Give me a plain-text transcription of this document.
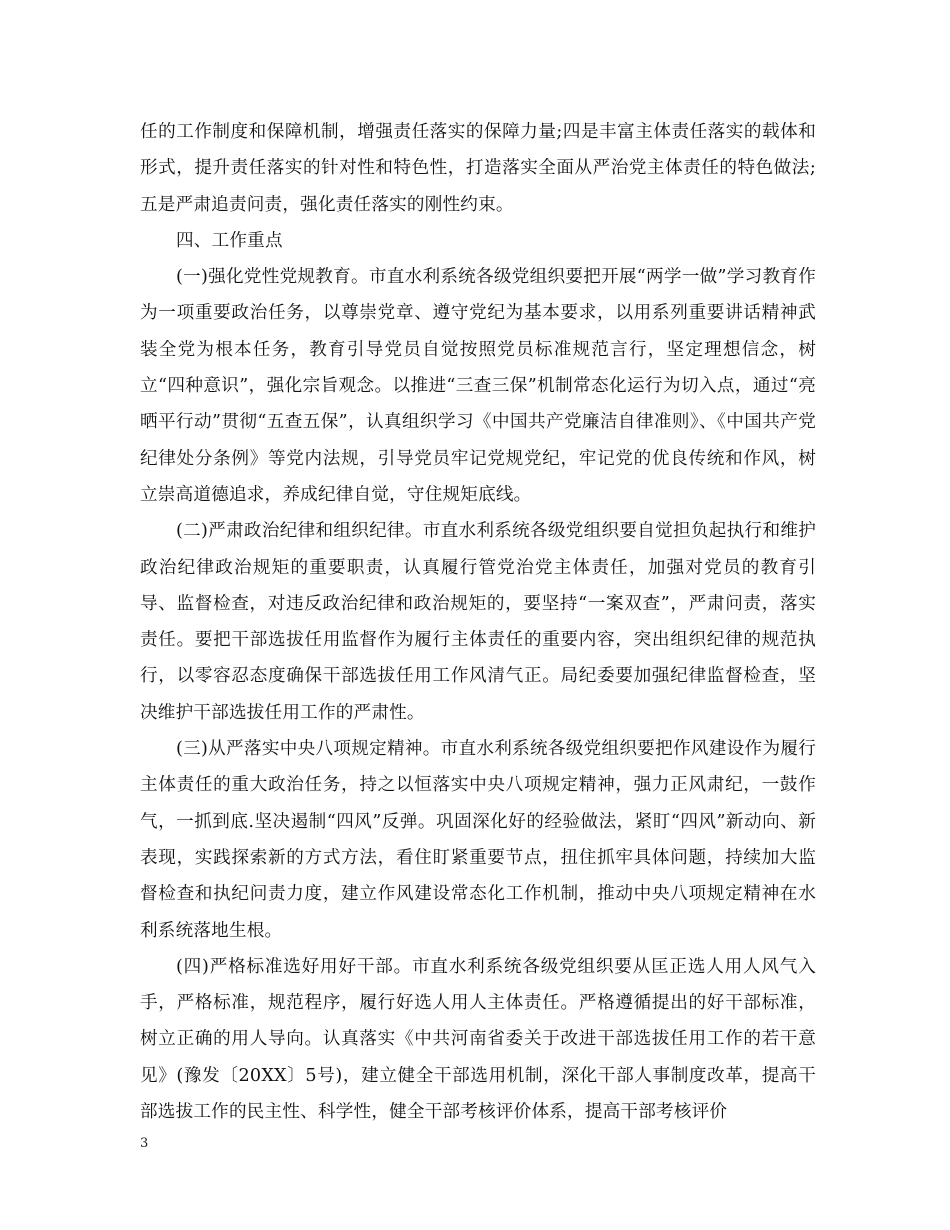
任的工作制度和保障机制，增强责任落实的保障力量;四是丰富主体责任落实的载体和形式，提升责任落实的针对性和特色性，打造落实全面从严治党主体责任的特色做法;五是严肃追责问责，强化责任落实的刚性约束。

四、工作重点

(一)强化党性党规教育。市直水利系统各级党组织要把开展“两学一做”学习教育作为一项重要政治任务，以尊崇党章、遵守党纪为基本要求，以用系列重要讲话精神武装全党为根本任务，教育引导党员自觉按照党员标准规范言行，坚定理想信念，树立“四种意识”，强化宗旨观念。以推进“三查三保”机制常态化运行为切入点，通过“亮晒平行动”贯彻“五查五保”，认真组织学习《中国共产党廉洁自律准则》、《中国共产党纪律处分条例》等党内法规，引导党员牢记党规党纪，牢记党的优良传统和作风，树立崇高道德追求，养成纪律自觉，守住规矩底线。

(二)严肃政治纪律和组织纪律。市直水利系统各级党组织要自觉担负起执行和维护政治纪律政治规矩的重要职责，认真履行管党治党主体责任，加强对党员的教育引导、监督检查，对违反政治纪律和政治规矩的，要坚持“一案双查”，严肃问责，落实责任。要把干部选拔任用监督作为履行主体责任的重要内容，突出组织纪律的规范执行，以零容忍态度确保干部选拔任用工作风清气正。局纪委要加强纪律监督检查，坚决维护干部选拔任用工作的严肃性。

(三)从严落实中央八项规定精神。市直水利系统各级党组织要把作风建设作为履行主体责任的重大政治任务，持之以恒落实中央八项规定精神，强力正风肃纪，一鼓作气，一抓到底.坚决遏制“四风”反弹。巩固深化好的经验做法，紧盯“四风”新动向、新表现，实践探索新的方式方法，看住盯紧重要节点，扭住抓牢具体问题，持续加大监督检查和执纪问责力度，建立作风建设常态化工作机制，推动中央八项规定精神在水利系统落地生根。

(四)严格标准选好用好干部。市直水利系统各级党组织要从匡正选人用人风气入手，严格标准，规范程序，履行好选人用人主体责任。严格遵循提出的好干部标准，树立正确的用人导向。认真落实《中共河南省委关于改进干部选拔任用工作的若干意见》(豫发〔20XX〕5号)，建立健全干部选用机制，深化干部人事制度改革，提高干部选拔工作的民主性、科学性，健全干部考核评价体系，提高干部考核评价

3
